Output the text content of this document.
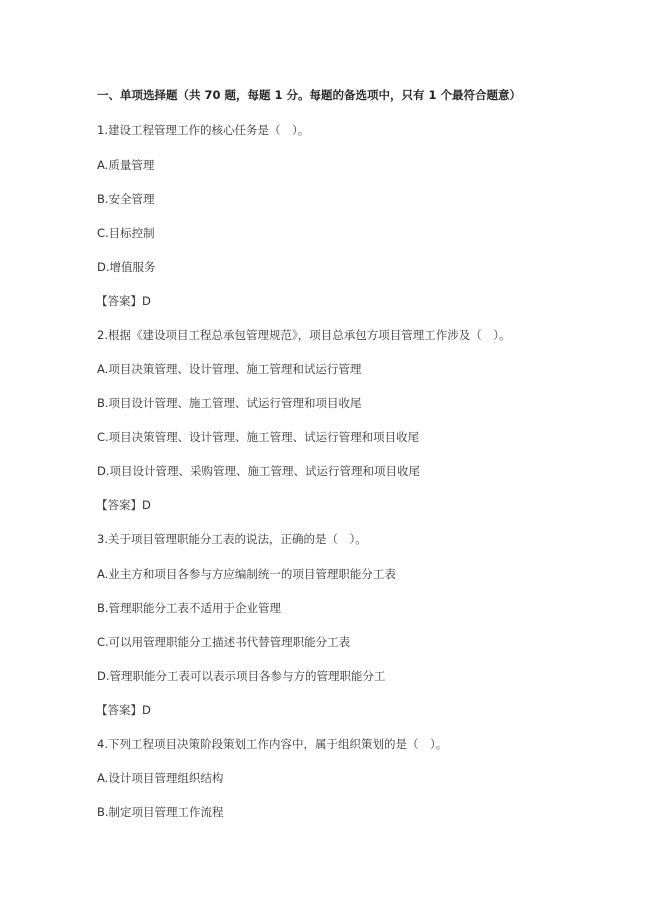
一、单项选择题（共 70 题，每题 1 分。每题的备选项中，只有 1 个最符合题意）
1.建设工程管理工作的核心任务是（　）。
A.质量管理
B.安全管理
C.目标控制
D.增值服务
【答案】D
2.根据《建设项目工程总承包管理规范》，项目总承包方项目管理工作涉及（　）。
A.项目决策管理、设计管理、施工管理和试运行管理
B.项目设计管理、施工管理、试运行管理和项目收尾
C.项目决策管理、设计管理、施工管理、试运行管理和项目收尾
D.项目设计管理、采购管理、施工管理、试运行管理和项目收尾
【答案】D
3.关于项目管理职能分工表的说法，正确的是（　）。
A.业主方和项目各参与方应编制统一的项目管理职能分工表
B.管理职能分工表不适用于企业管理
C.可以用管理职能分工描述书代替管理职能分工表
D.管理职能分工表可以表示项目各参与方的管理职能分工
【答案】D
4.下列工程项目决策阶段策划工作内容中，属于组织策划的是（　）。
A.设计项目管理组织结构
B.制定项目管理工作流程
